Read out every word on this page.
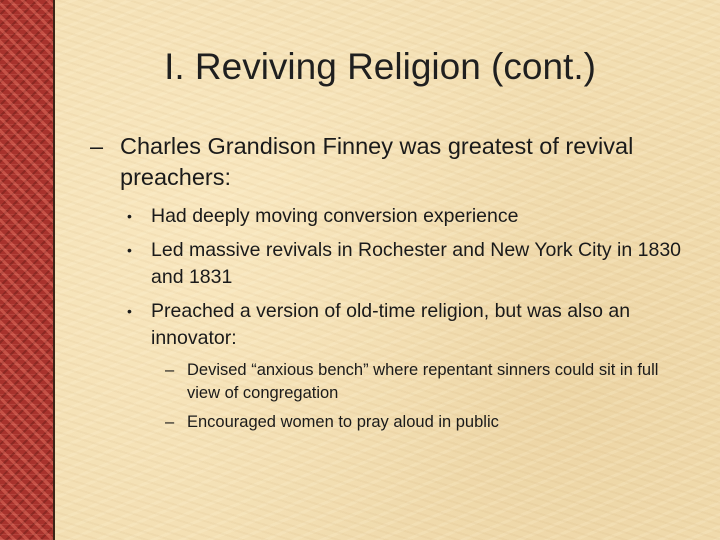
I. Reviving Religion (cont.)
– Charles Grandison Finney was greatest of revival preachers:
• Had deeply moving conversion experience
• Led massive revivals in Rochester and New York City in 1830 and 1831
• Preached a version of old-time religion, but was also an innovator:
– Devised “anxious bench” where repentant sinners could sit in full view of congregation
– Encouraged women to pray aloud in public
